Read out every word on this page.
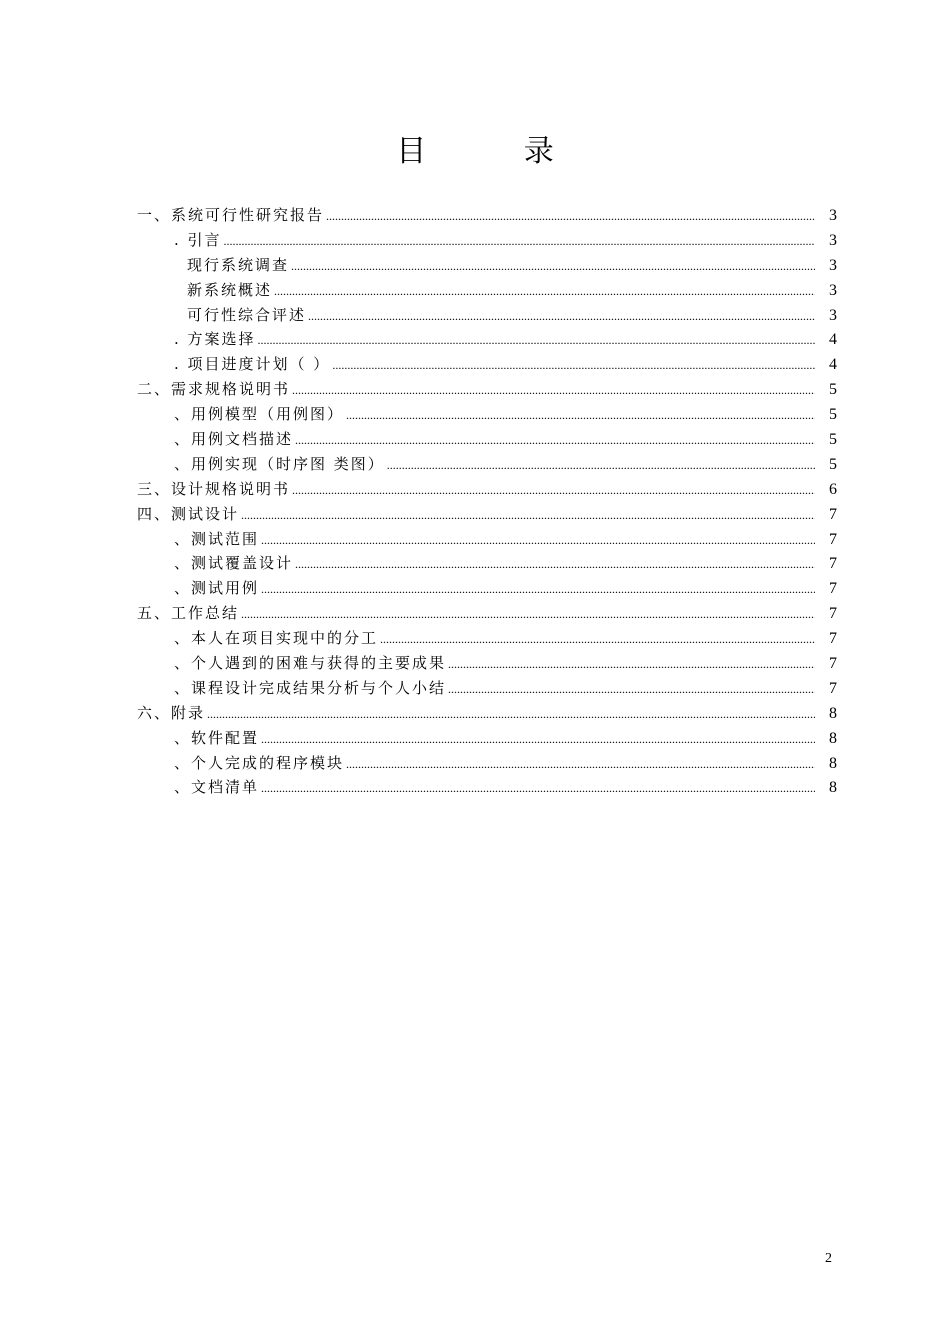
目 录
一、系统可行性研究报告 .....	3
. 引言 .....	3
现行系统调查 .....	3
新系统概述 .....	3
可行性综合评述 .....	3
. 方案选择 .....	4
. 项目进度计划（ ） .....	4
二、需求规格说明书 .....	5
、用例模型（用例图） .....	5
、用例文档描述 .....	5
、用例实现（时序图 类图） .....	5
三、设计规格说明书 .....	6
四、测试设计 .....	7
、测试范围 .....	7
、测试覆盖设计 .....	7
、测试用例 .....	7
五、工作总结 .....	7
、本人在项目实现中的分工 .....	7
、个人遇到的困难与获得的主要成果 .....	7
、课程设计完成结果分析与个人小结 .....	7
六、附录 .....	8
、软件配置 .....	8
、个人完成的程序模块 .....	8
、文档清单 .....	8
2
